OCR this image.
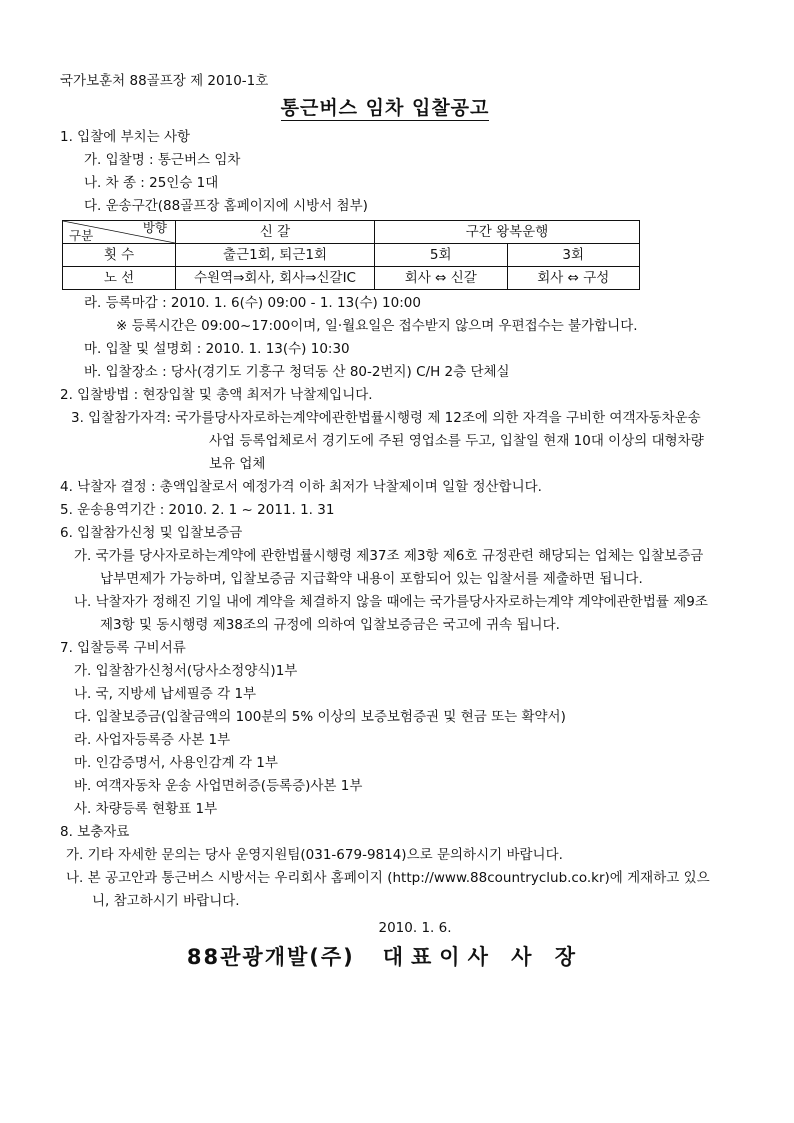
국가보훈처 88골프장 제 2010-1호

통근버스 임차 입찰공고

1. 입찰에 부치는 사항

가. 입찰명 : 통근버스 임차

나. 차 종 : 25인승 1대

다. 운송구간(88골프장 홈페이지에 시방서 첨부)

방향
구분	신 갈	구간 왕복운행	
횟 수	출근1회, 퇴근1회	5회	3회
노 선	수원역⇒회사, 회사⇒신갈IC	회사 ⇔ 신갈	회사 ⇔ 구성

라. 등록마감 : 2010. 1. 6(수) 09:00 - 1. 13(수) 10:00

※ 등록시간은 09:00~17:00이며, 일·월요일은 접수받지 않으며 우편접수는 불가합니다.

마. 입찰 및 설명회 : 2010. 1. 13(수) 10:30

바. 입찰장소 : 당사(경기도 기흥구 청덕동 산 80-2번지) C/H 2층 단체실

2. 입찰방법 : 현장입찰 및 총액 최저가 낙찰제입니다.

3. 입찰참가자격: 국가를당사자로하는계약에관한법률시행령 제 12조에 의한 자격을 구비한 여객자동차운송사업 등록업체로서 경기도에 주된 영업소를 두고, 입찰일 현재 10대 이상의 대형차량보유 업체

4. 낙찰자 결정 : 총액입찰로서 예정가격 이하 최저가 낙찰제이며 일할 정산합니다.

5. 운송용역기간 : 2010. 2. 1 ~ 2011. 1. 31

6. 입찰참가신청 및 입찰보증금

가. 국가를 당사자로하는계약에 관한법률시행령 제37조 제3항 제6호 규정관련 해당되는 업체는 입찰보증금 납부면제가 가능하며, 입찰보증금 지급확약 내용이 포함되어 있는 입찰서를 제출하면 됩니다.

나. 낙찰자가 정해진 기일 내에 계약을 체결하지 않을 때에는 국가를당사자로하는계약 계약에관한법률 제9조 제3항 및 동시행령 제38조의 규정에 의하여 입찰보증금은 국고에 귀속 됩니다.

7. 입찰등록 구비서류

가. 입찰참가신청서(당사소정양식)1부

나. 국, 지방세 납세필증 각 1부

다. 입찰보증금(입찰금액의 100분의 5% 이상의 보증보험증권 및 현금 또는 확약서)

라. 사업자등록증 사본 1부

마. 인감증명서, 사용인감계 각 1부

바. 여객자동차 운송 사업면허증(등록증)사본 1부

사. 차량등록 현황표 1부

8. 보충자료

가. 기타 자세한 문의는 당사 운영지원팀(031-679-9814)으로 문의하시기 바랍니다.

나. 본 공고안과 통근버스 시방서는 우리회사 홈페이지 (http://www.88countryclub.co.kr)에 게재하고 있으니, 참고하시기 바랍니다.

2010. 1. 6.

88관광개발(주) 대표이사 사 장
